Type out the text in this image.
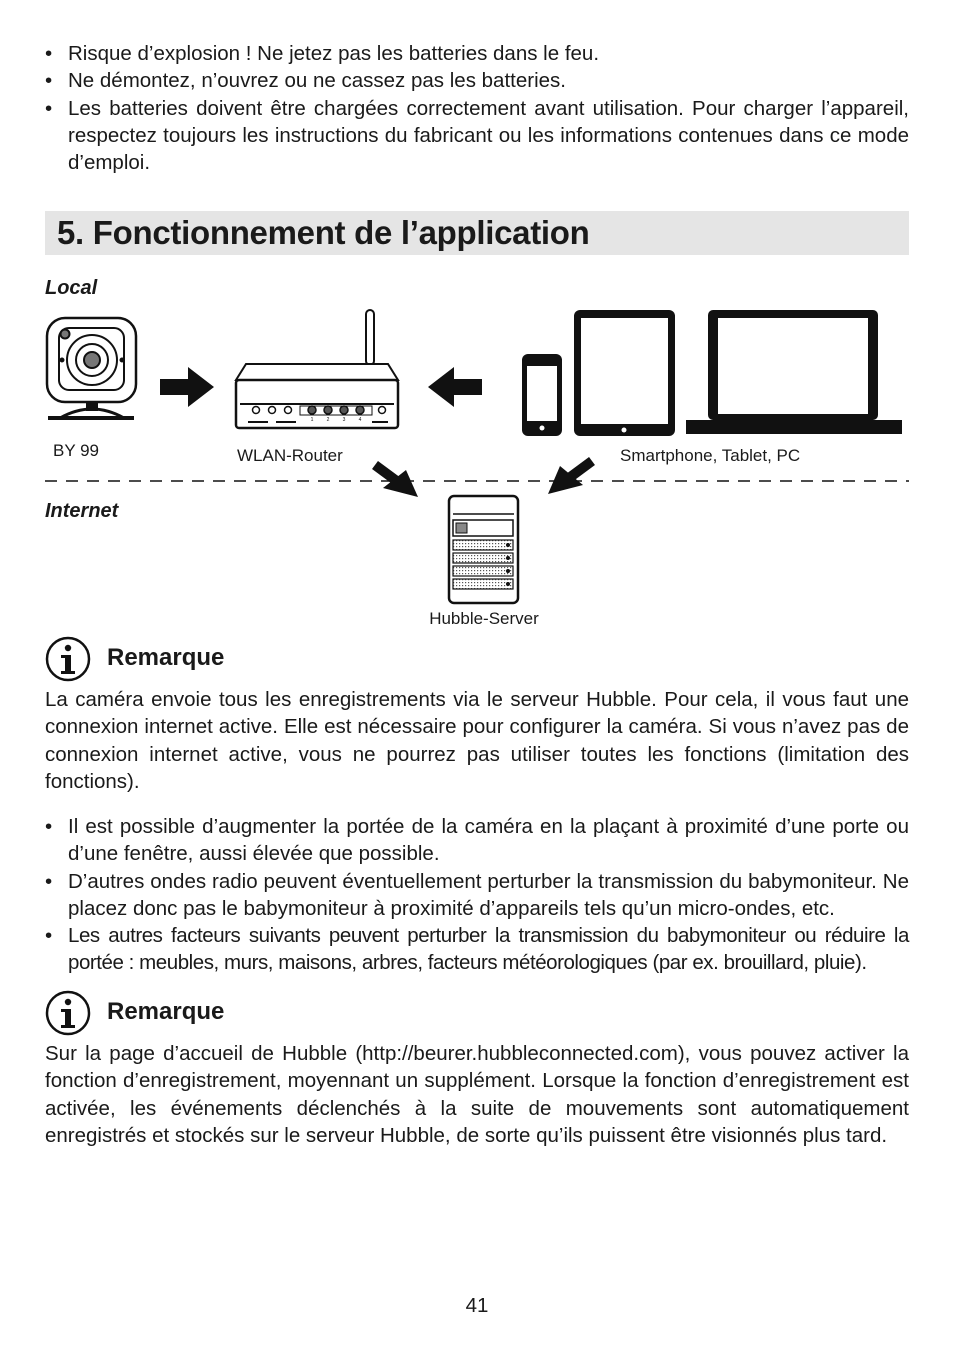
• Risque d’explosion ! Ne jetez pas les batteries dans le feu.
• Ne démontez, n’ouvrez ou ne cassez pas les batteries.
• Les batteries doivent être chargées correctement avant utilisation. Pour charger l’appareil, respectez toujours les instructions du fabricant ou les informations contenues dans ce mode d’emploi.
5. Fonctionnement de l’application
Local
Internet
BY 99
1	2	3	4
WLAN-Router	Smartphone, Tablet, PC
Hubble-Server
Remarque

La caméra envoie tous les enregistrements via le serveur Hubble. Pour cela, il vous faut une connexion internet active. Elle est nécessaire pour configurer la caméra. Si vous n’avez pas de connexion internet active, vous ne pourrez pas utiliser toutes les fonctions (limitation des fonctions).

• Il est possible d’augmenter la portée de la caméra en la plaçant à proximité d’une porte ou d’une fenêtre, aussi élevée que possible.
• D’autres ondes radio peuvent éventuellement perturber la transmission du babymoniteur. Ne placez donc pas le babymoniteur à proximité d’appareils tels qu’un micro-ondes, etc.
• Les autres facteurs suivants peuvent perturber la transmission du babymoniteur ou réduire la portée : meubles, murs, maisons, arbres, facteurs météorologiques (par ex. brouillard, pluie).
Remarque

Sur la page d’accueil de Hubble (http://beurer.hubbleconnected.com), vous pouvez activer la fonction d’enregistrement, moyennant un supplément. Lorsque la fonction d’enregistrement est activée, les événements déclenchés à la suite de mouvements sont automatiquement enregistrés et stockés sur le serveur Hubble, de sorte qu’ils puissent être visionnés plus tard.

41
